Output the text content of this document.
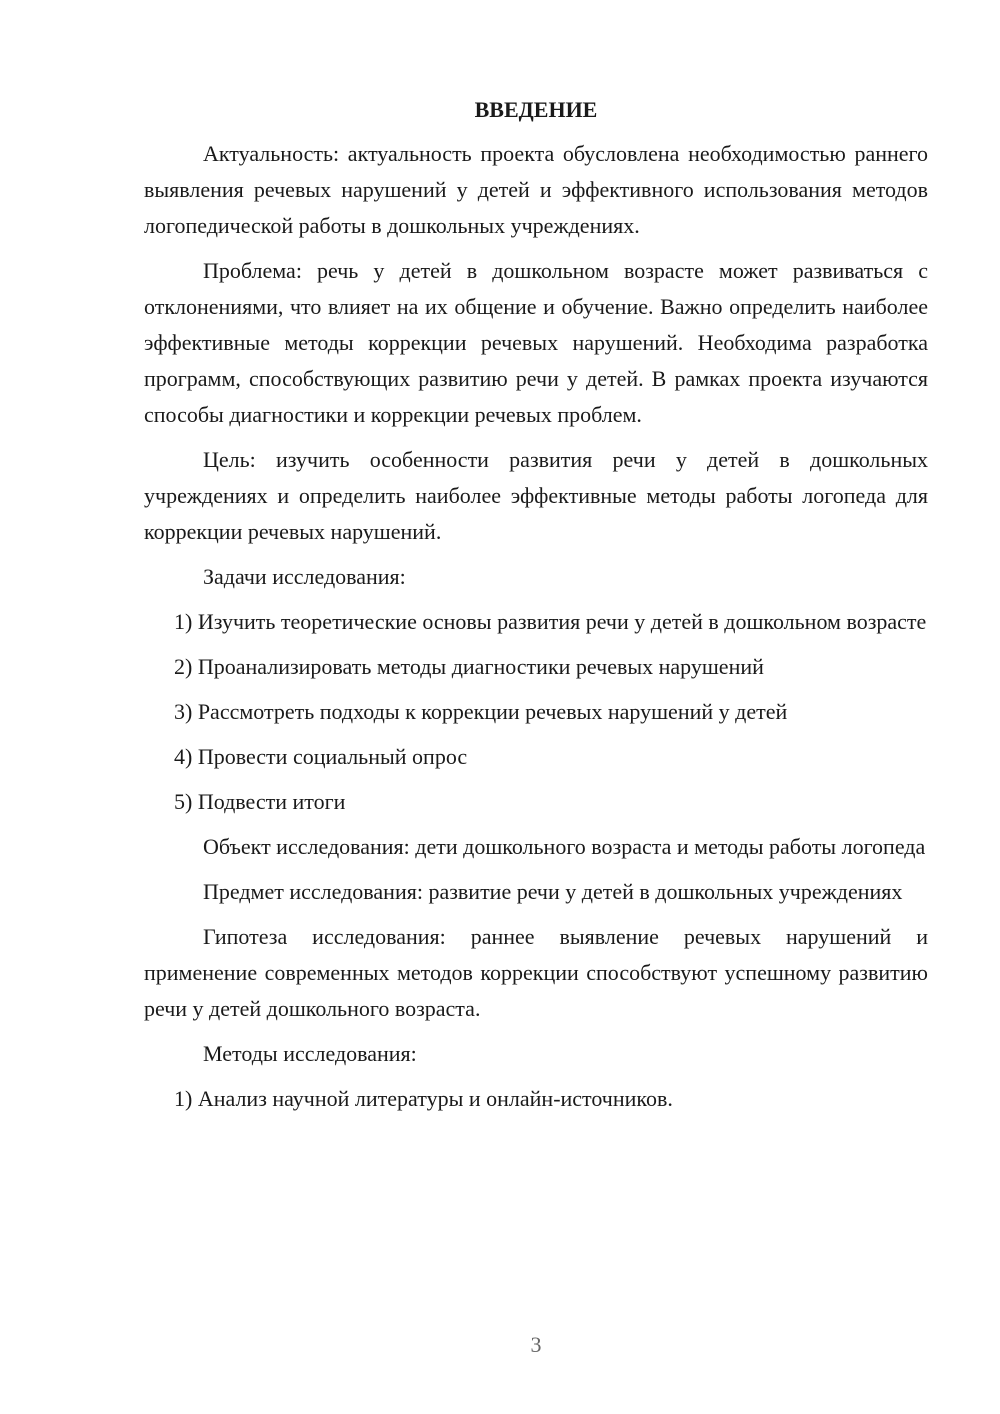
ВВЕДЕНИЕ

Актуальность: актуальность проекта обусловлена необходимостью раннего выявления речевых нарушений у детей и эффективного использования методов логопедической работы в дошкольных учреждениях.

Проблема: речь у детей в дошкольном возрасте может развиваться с отклонениями, что влияет на их общение и обучение. Важно определить наиболее эффективные методы коррекции речевых нарушений. Необходима разработка программ, способствующих развитию речи у детей. В рамках проекта изучаются способы диагностики и коррекции речевых проблем.

Цель: изучить особенности развития речи у детей в дошкольных учреждениях и определить наиболее эффективные методы работы логопеда для коррекции речевых нарушений.

Задачи исследования:

1) Изучить теоретические основы развития речи у детей в дошкольном возрасте

2) Проанализировать методы диагностики речевых нарушений

3) Рассмотреть подходы к коррекции речевых нарушений у детей

4) Провести социальный опрос

5) Подвести итоги

Объект исследования: дети дошкольного возраста и методы работы логопеда

Предмет исследования: развитие речи у детей в дошкольных учреждениях

Гипотеза исследования: раннее выявление речевых нарушений и применение современных методов коррекции способствуют успешному развитию речи у детей дошкольного возраста.

Методы исследования:

1) Анализ научной литературы и онлайн-источников.

3
